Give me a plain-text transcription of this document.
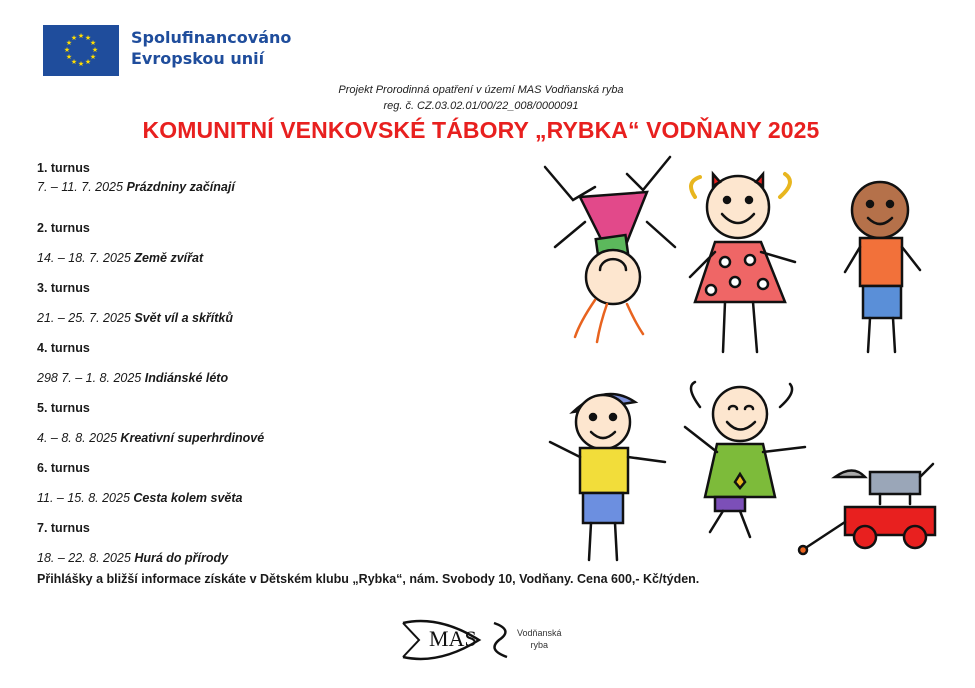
★ ★
★
★
★
★
★
★
★
★
★
★	Spolufinancováno
Evropskou unií
Projekt Prorodinná opatření v území MAS Vodňanská ryba
reg. č. CZ.03.02.01/00/22_008/0000091
KOMUNITNÍ VENKOVSKÉ TÁBORY „RYBKA“ VODŇANY 2025
1. turnus
7. – 11. 7. 2025 Prázdniny začínají
2. turnus
14. – 18. 7. 2025 Země zvířat
3. turnus
21. – 25. 7. 2025 Svět víl a skřítků
4. turnus
298 7. – 1. 8. 2025 Indiánské léto
5. turnus
4. – 8. 8. 2025 Kreativní superhrdinové
6. turnus
11. – 15. 8. 2025 Cesta kolem světa
7. turnus
18. – 22. 8. 2025 Hurá do přírody
Přihlášky a bližší informace získáte v Dětském klubu „Rybka“, nám. Svobody 10, Vodňany. Cena 600,- Kč/týden.
MAS	Vodňanská
ryba
